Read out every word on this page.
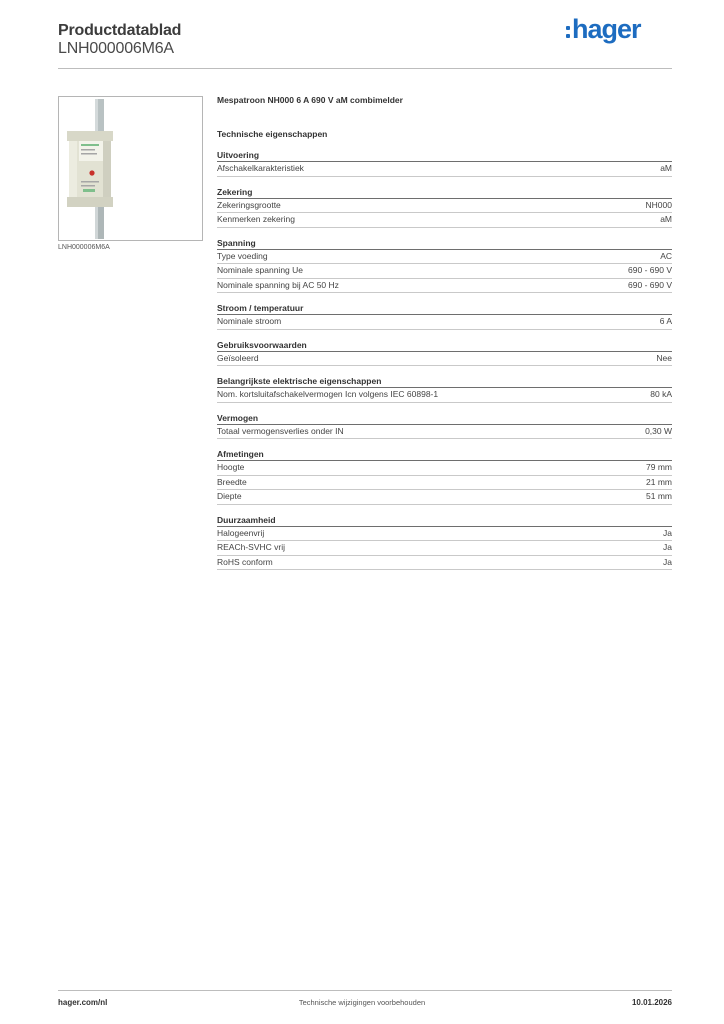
Productdatablad
LNH000006M6A
hager
LNH000006M6A
Mespatroon NH000 6 A 690 V aM combimelder
Technische eigenschappen
Uitvoering
Afschakelkarakteristiek	aM
Zekering
Zekeringsgrootte	NH000
Kenmerken zekering	aM
Spanning
Type voeding	AC
Nominale spanning Ue	690 - 690 V
Nominale spanning bij AC 50 Hz	690 - 690 V
Stroom / temperatuur
Nominale stroom	6 A
Gebruiksvoorwaarden
Geïsoleerd	Nee
Belangrijkste elektrische eigenschappen
Nom. kortsluitafschakelvermogen Icn volgens IEC 60898-1	80 kA
Vermogen
Totaal vermogensverlies onder IN	0,30 W
Afmetingen
Hoogte	79 mm
Breedte	21 mm
Diepte	51 mm
Duurzaamheid
Halogeenvrij	Ja
REACh-SVHC vrij	Ja
RoHS conform	Ja
hager.com/nl	Technische wijzigingen voorbehouden	10.01.2026
